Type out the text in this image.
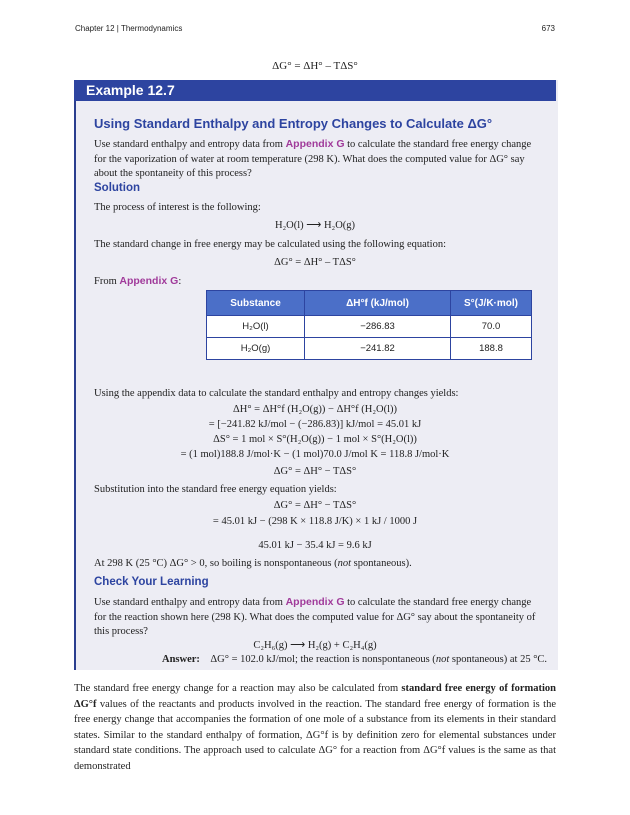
Chapter 12 | Thermodynamics	673
ΔG° = ΔH° – TΔS°
Example 12.7
Using Standard Enthalpy and Entropy Changes to Calculate ΔG°
Use standard enthalpy and entropy data from Appendix G to calculate the standard free energy change for the vaporization of water at room temperature (298 K). What does the computed value for ΔG° say about the spontaneity of this process?
Solution
The process of interest is the following:
H₂O(l) ⟶ H₂O(g)
The standard change in free energy may be calculated using the following equation:
ΔG° = ΔH° – TΔS°
From Appendix G:
Substance	ΔH°f (kJ/mol)	S°(J/K·mol)
H₂O(l)	−286.83	70.0
H₂O(g)	−241.82	188.8
Using the appendix data to calculate the standard enthalpy and entropy changes yields:
ΔH° = ΔH°f (H₂O(g)) − ΔH°f (H₂O(l))
= [−241.82 kJ/mol − (−286.83)] kJ/mol = 45.01 kJ
ΔS° = 1 mol × S°(H₂O(g)) − 1 mol × S°(H₂O(l))
= (1 mol)188.8 J/mol·K − (1 mol)70.0 J/mol K = 118.8 J/mol·K
ΔG° = ΔH° − TΔS°
Substitution into the standard free energy equation yields:
ΔG° = ΔH° − TΔS°
= 45.01 kJ − (298 K × 118.8 J/K) × 1 kJ / 1000 J
45.01 kJ − 35.4 kJ = 9.6 kJ
At 298 K (25 °C) ΔG° > 0, so boiling is nonspontaneous (not spontaneous).
Check Your Learning
Use standard enthalpy and entropy data from Appendix G to calculate the standard free energy change for the reaction shown here (298 K). What does the computed value for ΔG° say about the spontaneity of this process?
C₂H₆(g) ⟶ H₂(g) + C₂H₄(g)
Answer: ΔG° = 102.0 kJ/mol; the reaction is nonspontaneous (not spontaneous) at 25 °C.
The standard free energy change for a reaction may also be calculated from standard free energy of formation ΔG°f values of the reactants and products involved in the reaction. The standard free energy of formation is the free energy change that accompanies the formation of one mole of a substance from its elements in their standard states. Similar to the standard enthalpy of formation, ΔG°f is by definition zero for elemental substances under standard state conditions. The approach used to calculate ΔG° for a reaction from ΔG°f values is the same as that demonstrated
